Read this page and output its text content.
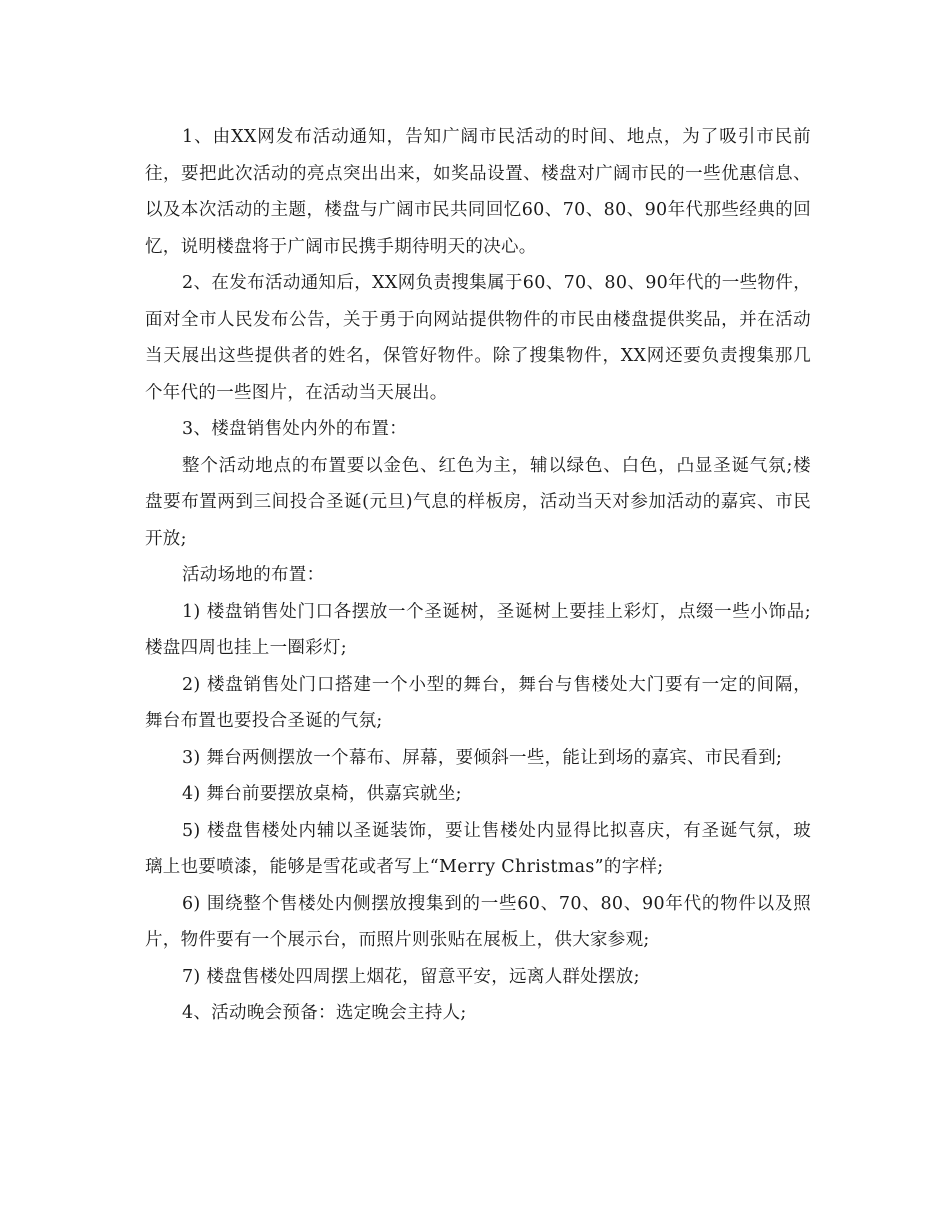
1、由XX网发布活动通知，告知广阔市民活动的时间、地点，为了吸引市民前往，要把此次活动的亮点突出出来，如奖品设置、楼盘对广阔市民的一些优惠信息、以及本次活动的主题，楼盘与广阔市民共同回忆60、70、80、90年代那些经典的回忆，说明楼盘将于广阔市民携手期待明天的决心。

2、在发布活动通知后，XX网负责搜集属于60、70、80、90年代的一些物件，面对全市人民发布公告，关于勇于向网站提供物件的市民由楼盘提供奖品，并在活动当天展出这些提供者的姓名，保管好物件。除了搜集物件，XX网还要负责搜集那几个年代的一些图片，在活动当天展出。

3、楼盘销售处内外的布置：

整个活动地点的布置要以金色、红色为主，辅以绿色、白色，凸显圣诞气氛;楼盘要布置两到三间投合圣诞(元旦)气息的样板房，活动当天对参加活动的嘉宾、市民开放;

活动场地的布置：

1) 楼盘销售处门口各摆放一个圣诞树，圣诞树上要挂上彩灯，点缀一些小饰品;楼盘四周也挂上一圈彩灯;

2) 楼盘销售处门口搭建一个小型的舞台，舞台与售楼处大门要有一定的间隔，舞台布置也要投合圣诞的气氛;

3) 舞台两侧摆放一个幕布、屏幕，要倾斜一些，能让到场的嘉宾、市民看到;

4) 舞台前要摆放桌椅，供嘉宾就坐;

5) 楼盘售楼处内辅以圣诞装饰，要让售楼处内显得比拟喜庆，有圣诞气氛，玻璃上也要喷漆，能够是雪花或者写上“Merry Christmas”的字样;

6) 围绕整个售楼处内侧摆放搜集到的一些60、70、80、90年代的物件以及照片，物件要有一个展示台，而照片则张贴在展板上，供大家参观;

7) 楼盘售楼处四周摆上烟花，留意平安，远离人群处摆放;

4、活动晚会预备：选定晚会主持人;
